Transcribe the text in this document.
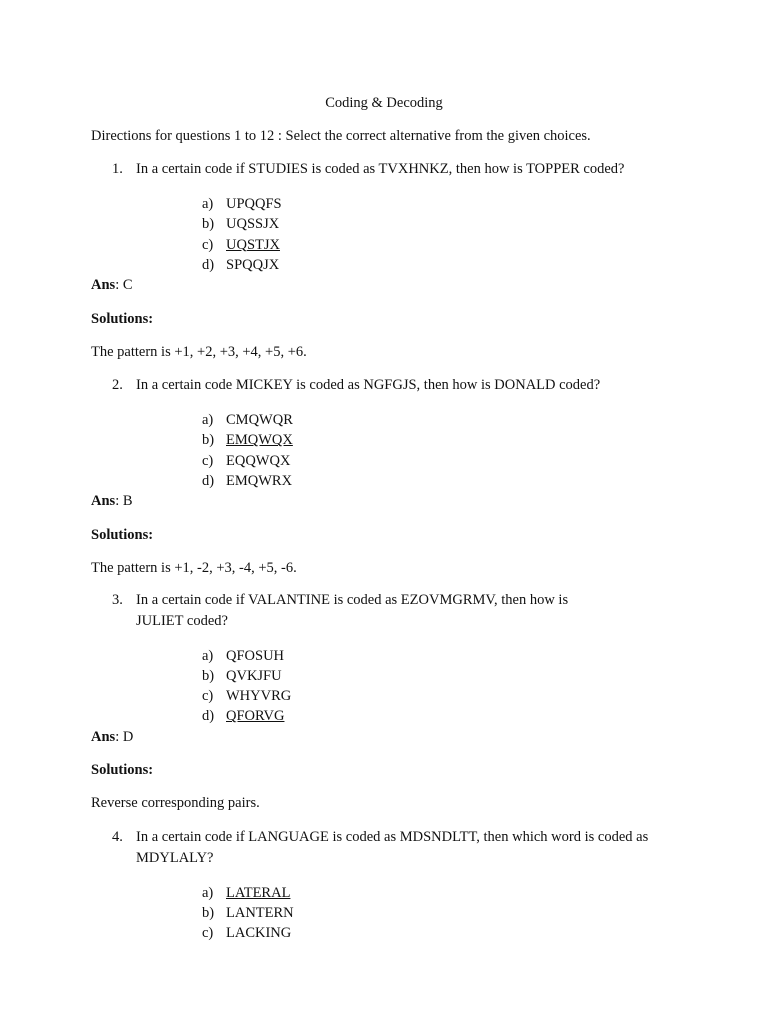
Coding & Decoding
Directions for questions 1 to 12 : Select the correct alternative from the given choices.
1. In a certain code if STUDIES is coded as TVXHNKZ, then how is TOPPER coded?
a) UPQQFS
b) UQSSJX
c) UQSTJX
d) SPQQJX
Ans: C
Solutions:
The pattern is +1, +2, +3, +4, +5, +6.
2. In a certain code MICKEY is coded as NGFGJS, then how is DONALD coded?
a) CMQWQR
b) EMQWQX
c) EQQWQX
d) EMQWRX
Ans: B
Solutions:
The pattern is +1, -2, +3, -4, +5, -6.
3. In a certain code if VALANTINE is coded as EZOVMGRMV, then how is JULIET coded?
a) QFOSUH
b) QVKJFU
c) WHYVRG
d) QFORVG
Ans: D
Solutions:
Reverse corresponding pairs.
4. In a certain code if LANGUAGE is coded as MDSNDLTT, then which word is coded as MDYLALY?
a) LATERAL
b) LANTERN
c) LACKING
